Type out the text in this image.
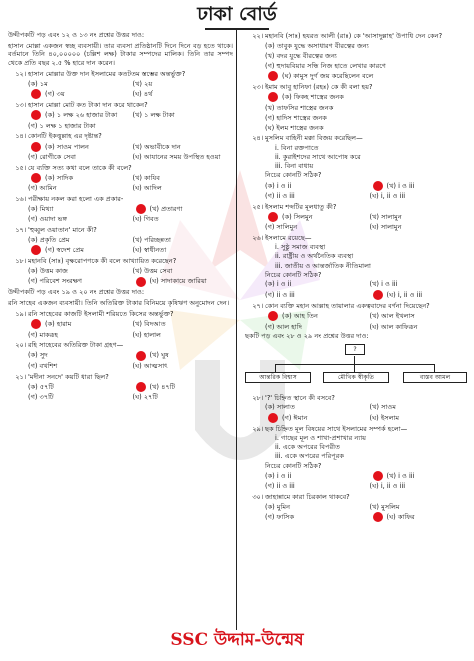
ঢাকা বোর্ড
উদ্দীপকটি পড় এবং ১২ ও ১৩ নং প্রশ্নের উত্তর দাও:
হাসান মোল্লা একজন স্বচ্ছ ব্যবসায়ী। তার ব্যবসা প্রতিষ্ঠানটি দিনে দিনে বড় হতে থাকে। বর্তমানে তিনি ৪০,০০০০০ (চল্লিশ লক্ষ) টাকার সম্পদের মালিক। তিনি তার সম্পদ থেকে প্রতি বছর ২.৫ % হারে দান করেন।
১২। হাসান মোল্লার উক্ত দান ইসলামের কতটতম স্তম্ভের অন্তর্ভুক্ত?
(ক) ১ম	(খ) ২য়
(গ) ৩য়	(ঘ) ৪র্থ
১৩। হাসান মোল্লা মোট কত টাকা দান করে থাকেন?
(ক) ১ লক্ষ ২৬ হাজার টাকা (খ) ১ লক্ষ টাকা
(গ) ১ লক্ষ ১ হাজার টাকা
১৪। কোনটি ইকত্তুল্লাহ এর দৃষ্টান্ত?
(ক) সাওম পালন	(খ) অভাবীকে দান
(গ) রোগীকে সেবা	(ঘ) আযানের সময় উপস্থিত হওয়া
১৫। যে ব্যক্তি সত্য কথা বলে তাকে কী বলে?
(ক) সাদিক	(খ) কাযিব
(গ) আমিন	(ঘ) আদিল
১৬। পরীক্ষায় নকল করা হলো এক প্রকার-
(ক) মিথ্যা	(খ) প্রতারণা
(গ) ওয়াদা ভঙ্গ	(ঘ) গিবত
১৭। 'হুব্বুল ওয়াতান' মানে কী?
(ক) প্রকৃতি প্রেম	(খ) পরিচ্ছন্নতা
(গ) স্বদেশ প্রেম	(ঘ) স্বাধীনতা
১৮। মহানবি (সাঃ) বৃক্ষরোপণকে কী বলে আখ্যায়িত করেছেন?
(ক) উত্তম কাজ	(খ) উত্তম সেবা
(গ) পরিবেশ সংরক্ষণ	(ঘ) সাদাকায়ে জারিয়া
উদ্দীপকটি পড় এবং ১৯ ও ২০ নং প্রশ্নের উত্তর দাও:
রনি সাহেব একজন ব্যবসায়ী। তিনি অতিরিক্ত টাকার বিনিময়ে কৃষিঋণ অনুমোদন দেন।
১৯। রনি সাহেবের কাজটি ইসলামী শরিয়তে কিসের অন্তর্ভুক্ত?
(ক) হারাম	(খ) বিদআত
(গ) মাকরূহ	(ঘ) হালাল
২০। রহি সাহেবের অতিরিক্ত টাকা গ্রহণ—
(ক) সুদ	(খ) ঘুষ
(গ) বখশিশ	(ঘ) আত্মসাৎ
২১। 'মদীনা সনদে' কয়টি ধারা ছিল?
(ক) ৫৭টি	(খ) ৪৭টি
(গ) ৩৭টি	(ঘ) ২৭টি
২২। মহানবি (সাঃ) হযরত আলী (রাঃ) কে 'আসাদুল্লাহ' উপাধি দেন কেন?
(ক) তাবুক যুদ্ধে অসাধারণ বীরত্বের জন্য
(খ) বদর যুদ্ধে বীরত্বের জন্য
(গ) হুদায়বিয়ার সন্ধি নিজ হাতে লেখার কারণে
(ঘ) কামুস দুর্গ জয় করেছিলেন বলে
২৩। ইমাম আবু হানিফা (রহঃ) কে কী বলা হয়?
(ক) ফিকহ শাস্ত্রের জনক
(খ) তাফসির শাস্ত্রের জনক
(গ) হাদিস শাস্ত্রের জনক
(ঘ) ইলম শাস্ত্রের জনক
২৪। মুসলিম বাহিনী মক্কা বিজয় করেছিল—
i. বিনা রক্তপাতে
ii. কুরাইশদের সাথে আপোষ করে
iii. বিনা বাধায়
নিচের কোনটি সঠিক?
(ক) i ও ii	(খ) i ও iii
(গ) ii ও iii	(ঘ) i, ii ও iii
২৫। ইসলাম শব্দটির মূলধাতু কী?
(ক) সিলমুন	(খ) সালামুন
(গ) সালিমুন	(ঘ) সালামুন
২৬। ইসলামে রয়েছে—
i. সুষ্ঠু সমাজ ব্যবস্থা
ii. রাষ্ট্রীয় ও অর্থনৈতিক ব্যবস্থা
iii. জাতীয় ও আন্তর্জাতিক নীতিমালা
নিচের কোনটি সঠিক?
(ক) i ও ii	(খ) i ও iii
(গ) ii ও iii	(ঘ) i, ii ও iii
২৭। কোন ব্যক্তি মহান আল্লাহ তায়ালার একত্ববাদের বর্ণনা দিয়েছেন?
(ক) আহ তিন	(খ) আল ইখলাস
(গ) আল হাদি	(ঘ) আল কাফিরূন
ছকটি পড় এবং ২৮ ও ২৯ নং প্রশ্নের উত্তর দাও:
?
আন্তরিক বিশ্বাস	মৌখিক স্বীকৃতি	বাস্তব আমল
২৮। '?' চিহ্নিত স্থানে কী বসবে?
(ক) সালাত	(খ) সাওম
(গ) ঈমান	(ঘ) ইসলাম
২৯। ছক চিহ্নিত মূল বিষয়ের সাথে ইসলামের সম্পর্ক হলো—
i. গাছের মূল ও শাখা-প্রশাখার ন্যায়
ii. একে অপরের বিপরীত
iii. একে অপরের পরিপূরক
নিচের কোনটি সঠিক?
(ক) i ও ii	(খ) i ও iii
(গ) ii ও iii	(ঘ) i, ii ও iii
৩০। জাহান্নামে কারা চিরকাল থাকবে?
(ক) মুমিন	(খ) মুসলিম
(গ) ফাসিক	(ঘ) কাফির
SSC উদ্দাম-উন্মেষ
